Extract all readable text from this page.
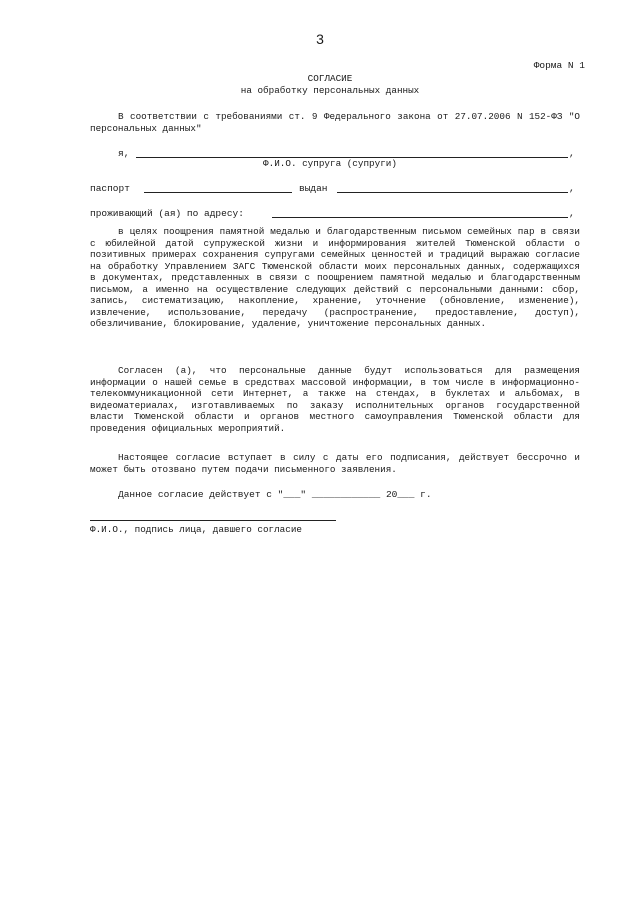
3
Форма N 1
СОГЛАСИЕ
на обработку персональных данных
В соответствии с требованиями ст. 9 Федерального закона от 27.07.2006 N 152-ФЗ "О персональных данных"
я,	,
Ф.И.О. супруга (супруги)
паспорт	выдан	,
проживающий (ая) по адресу:	,
в целях поощрения памятной медалью и благодарственным письмом семейных пар в связи с юбилейной датой супружеской жизни и информирования жителей Тюменской области о позитивных примерах сохранения супругами семейных ценностей и традиций выражаю согласие на обработку Управлением ЗАГС Тюменской области моих персональных данных, содержащихся в документах, представленных в связи с поощрением памятной медалью и благодарственным письмом, а именно на осуществление следующих действий с персональными данными: сбор, запись, систематизацию, накопление, хранение, уточнение (обновление, изменение), извлечение, использование, передачу (распространение, предоставление, доступ), обезличивание, блокирование, удаление, уничтожение персональных данных.
Согласен (а), что персональные данные будут использоваться для размещения информации о нашей семье в средствах массовой информации, в том числе в информационно-телекоммуникационной сети Интернет, а также на стендах, в буклетах и альбомах, в видеоматериалах, изготавливаемых по заказу исполнительных органов государственной власти Тюменской области и органов местного самоуправления Тюменской области для проведения официальных мероприятий.
Настоящее согласие вступает в силу с даты его подписания, действует бессрочно и может быть отозвано путем подачи письменного заявления.
Данное согласие действует с "___" ____________ 20___ г.
Ф.И.О., подпись лица, давшего согласие
